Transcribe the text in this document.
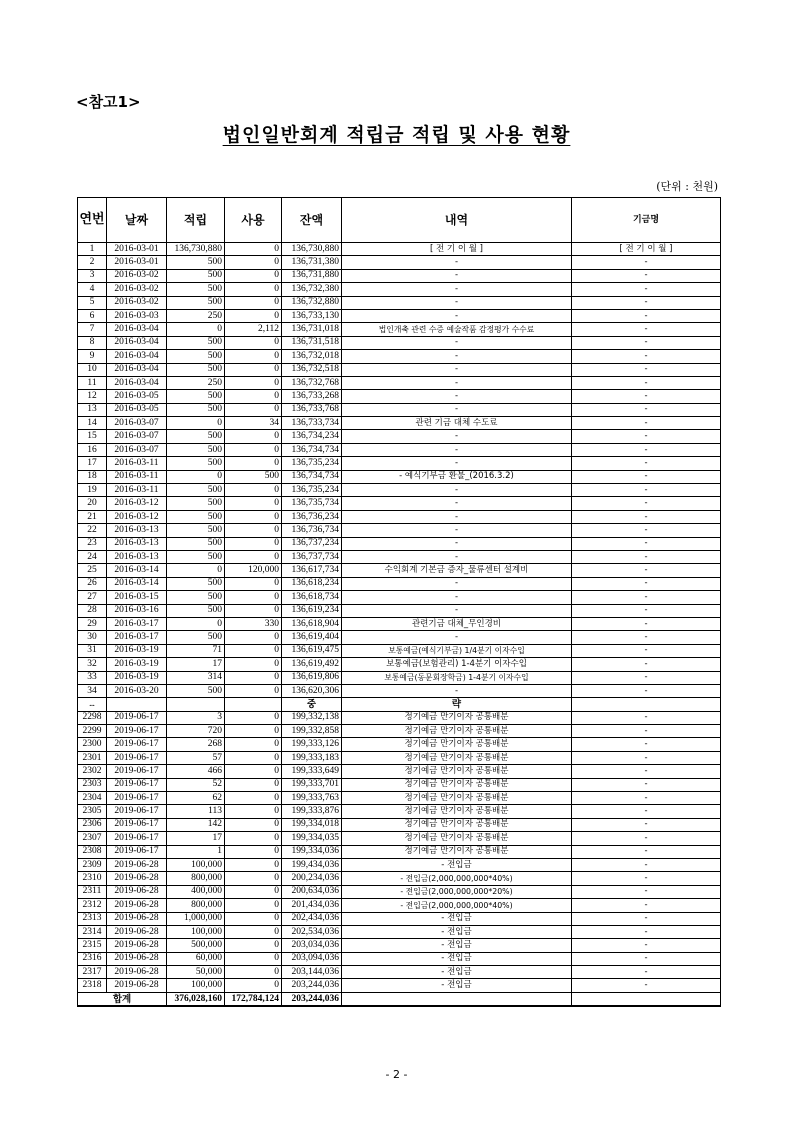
<참고1>
법인일반회계 적립금 적립 및 사용 현황
(단위 : 천원)
연번	날짜	적립	사용	잔액	내역	기금명
1	2016-03-01	136,730,880	0	136,730,880	[ 전 기 이 월 ]	[ 전 기 이 월 ]
2	2016-03-01	500	0	136,731,380	-	-
3	2016-03-02	500	0	136,731,880	-	-
4	2016-03-02	500	0	136,732,380	-	-
5	2016-03-02	500	0	136,732,880	-	-
6	2016-03-03	250	0	136,733,130	-	-
7	2016-03-04	0	2,112	136,731,018	법인개축 관련 수증 예술작품 감정평가 수수료	-
8	2016-03-04	500	0	136,731,518	-	-
9	2016-03-04	500	0	136,732,018	-	-
10	2016-03-04	500	0	136,732,518	-	-
11	2016-03-04	250	0	136,732,768	-	-
12	2016-03-05	500	0	136,733,268	-	-
13	2016-03-05	500	0	136,733,768	-	-
14	2016-03-07	0	34	136,733,734	관련 기금 대체 수도료	-
15	2016-03-07	500	0	136,734,234	-	-
16	2016-03-07	500	0	136,734,734	-	-
17	2016-03-11	500	0	136,735,234	-	-
18	2016-03-11	0	500	136,734,734	- 예식기부금 환불_(2016.3.2)	-
19	2016-03-11	500	0	136,735,234	-	-
20	2016-03-12	500	0	136,735,734	-	-
21	2016-03-12	500	0	136,736,234	-	-
22	2016-03-13	500	0	136,736,734	-	-
23	2016-03-13	500	0	136,737,234	-	-
24	2016-03-13	500	0	136,737,734	-	-
25	2016-03-14	0	120,000	136,617,734	수익회계 기본금 증자_물류센터 설계비	-
26	2016-03-14	500	0	136,618,234	-	-
27	2016-03-15	500	0	136,618,734	-	-
28	2016-03-16	500	0	136,619,234	-	-
29	2016-03-17	0	330	136,618,904	관련기금 대체_무인경비	-
30	2016-03-17	500	0	136,619,404	-	-
31	2016-03-19	71	0	136,619,475	보통예금(예식기부금) 1/4분기 이자수입	-
32	2016-03-19	17	0	136,619,492	보통예금(보험관리) 1-4분기 이자수입	-
33	2016-03-19	314	0	136,619,806	보통예금(동문회장학금) 1-4분기 이자수입	-
34	2016-03-20	500	0	136,620,306	-	-
...				중	략	
2298	2019-06-17	3	0	199,332,138	정기예금 만기이자 공통배분	-
2299	2019-06-17	720	0	199,332,858	정기예금 만기이자 공통배분	-
2300	2019-06-17	268	0	199,333,126	정기예금 만기이자 공통배분	-
2301	2019-06-17	57	0	199,333,183	정기예금 만기이자 공통배분	-
2302	2019-06-17	466	0	199,333,649	정기예금 만기이자 공통배분	-
2303	2019-06-17	52	0	199,333,701	정기예금 만기이자 공통배분	-
2304	2019-06-17	62	0	199,333,763	정기예금 만기이자 공통배분	-
2305	2019-06-17	113	0	199,333,876	정기예금 만기이자 공통배분	-
2306	2019-06-17	142	0	199,334,018	정기예금 만기이자 공통배분	-
2307	2019-06-17	17	0	199,334,035	정기예금 만기이자 공통배분	-
2308	2019-06-17	1	0	199,334,036	정기예금 만기이자 공통배분	-
2309	2019-06-28	100,000	0	199,434,036	- 전입금	-
2310	2019-06-28	800,000	0	200,234,036	- 전입금(2,000,000,000*40%)	-
2311	2019-06-28	400,000	0	200,634,036	- 전입금(2,000,000,000*20%)	-
2312	2019-06-28	800,000	0	201,434,036	- 전입금(2,000,000,000*40%)	-
2313	2019-06-28	1,000,000	0	202,434,036	- 전입금	-
2314	2019-06-28	100,000	0	202,534,036	- 전입금	-
2315	2019-06-28	500,000	0	203,034,036	- 전입금	-
2316	2019-06-28	60,000	0	203,094,036	- 전입금	-
2317	2019-06-28	50,000	0	203,144,036	- 전입금	-
2318	2019-06-28	100,000	0	203,244,036	- 전입금	-
합계		376,028,160	172,784,124	203,244,036		
- 2 -
